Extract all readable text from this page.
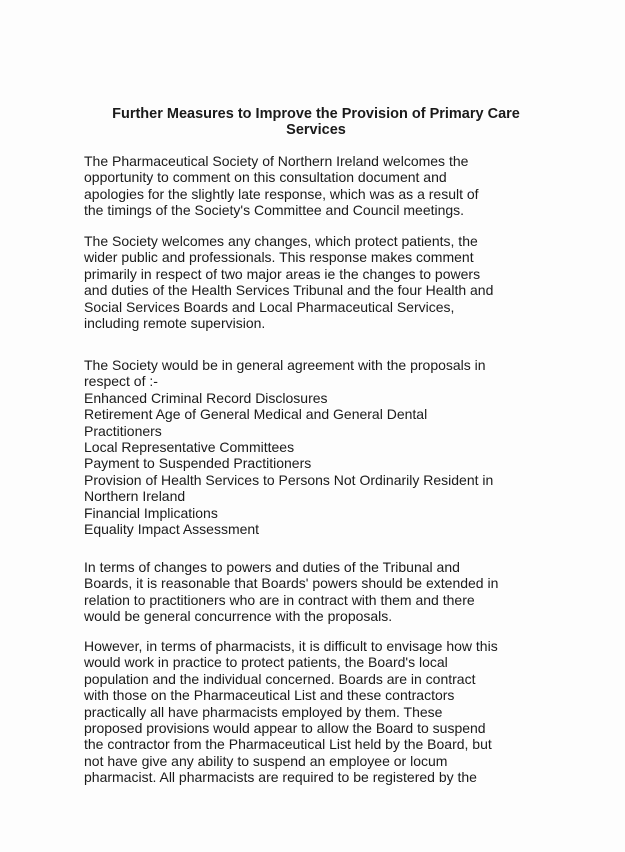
Further Measures to Improve the Provision of Primary Care
Services
The Pharmaceutical Society of Northern Ireland welcomes the
opportunity to comment on this consultation document and
apologies for the slightly late response, which was as a result of
the timings of the Society's Committee and Council meetings.
The Society welcomes any changes, which protect patients, the
wider public and professionals. This response makes comment
primarily in respect of two major areas ie the changes to powers
and duties of the Health Services Tribunal and the four Health and
Social Services Boards and Local Pharmaceutical Services,
including remote supervision.
The Society would be in general agreement with the proposals in
respect of :-
Enhanced Criminal Record Disclosures
Retirement Age of General Medical and General Dental
Practitioners
Local Representative Committees
Payment to Suspended Practitioners
Provision of Health Services to Persons Not Ordinarily Resident in
Northern Ireland
Financial Implications
Equality Impact Assessment
In terms of changes to powers and duties of the Tribunal and
Boards, it is reasonable that Boards' powers should be extended in
relation to practitioners who are in contract with them and there
would be general concurrence with the proposals.
However, in terms of pharmacists, it is difficult to envisage how this
would work in practice to protect patients, the Board's local
population and the individual concerned. Boards are in contract
with those on the Pharmaceutical List and these contractors
practically all have pharmacists employed by them. These
proposed provisions would appear to allow the Board to suspend
the contractor from the Pharmaceutical List held by the Board, but
not have give any ability to suspend an employee or locum
pharmacist. All pharmacists are required to be registered by the
